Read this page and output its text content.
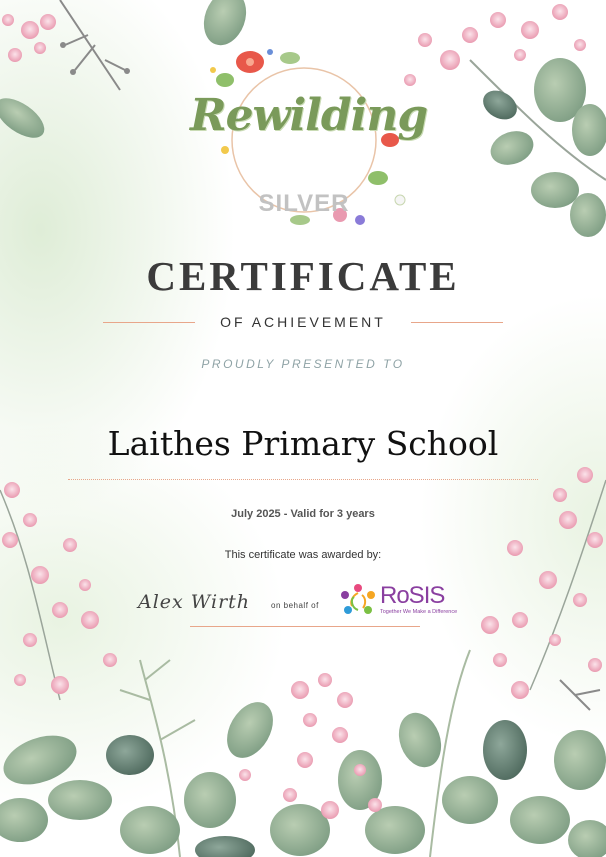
Rewilding
SILVER
CERTIFICATE
OF ACHIEVEMENT
PROUDLY PRESENTED TO
Laithes Primary School
July 2025 - Valid for 3 years
This certificate was awarded by:
Alex Wirth	on behalf of	RoSIS
Together We Make a Difference
